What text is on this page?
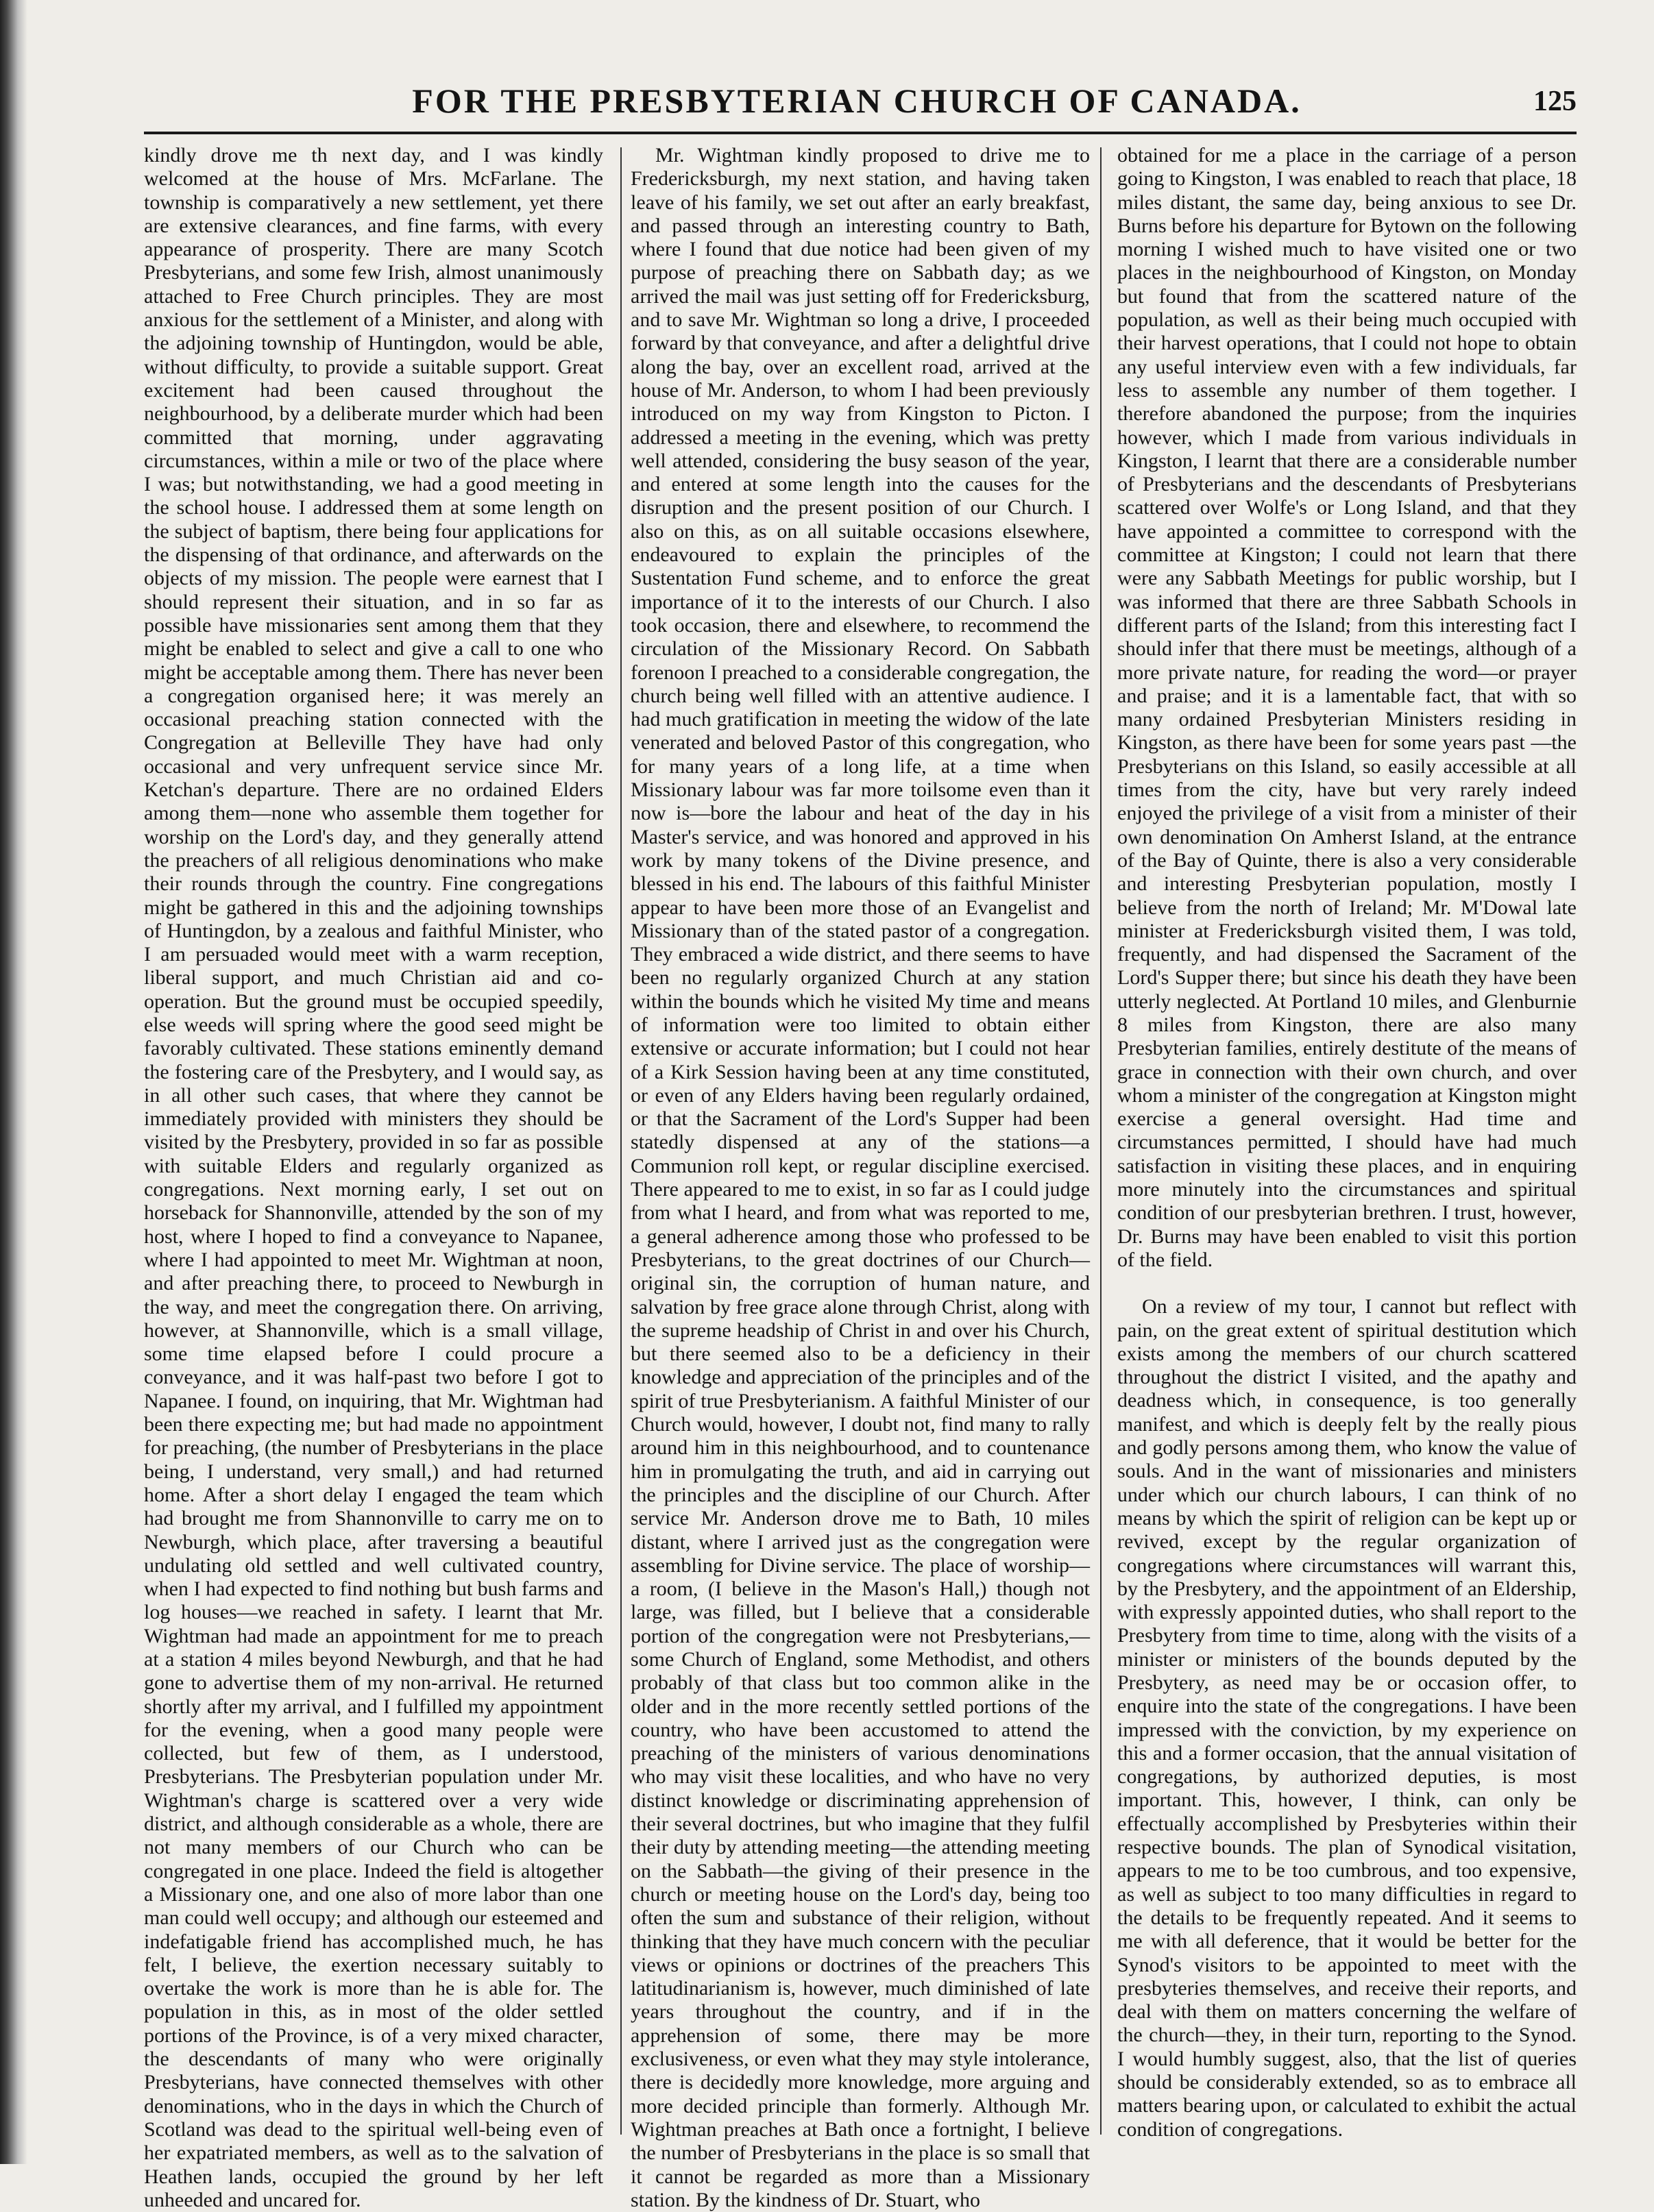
FOR THE PRESBYTERIAN CHURCH OF CANADA.	125

kindly drove me th next day, and I was kindly welcomed at the house of Mrs. McFarlane. The township is comparatively a new settlement, yet there are extensive clearances, and fine farms, with every appearance of prosperity. There are many Scotch Presbyterians, and some few Irish, almost unanimously attached to Free Church principles. They are most anxious for the settlement of a Minister, and along with the adjoining township of Huntingdon, would be able, without difficulty, to provide a suitable support. Great excitement had been caused throughout the neighbourhood, by a deliberate murder which had been committed that morning, under aggravating circumstances, within a mile or two of the place where I was; but notwithstanding, we had a good meeting in the school house. I addressed them at some length on the subject of baptism, there being four applications for the dispensing of that ordinance, and afterwards on the objects of my mission. The people were earnest that I should represent their situation, and in so far as possible have missionaries sent among them that they might be enabled to select and give a call to one who might be acceptable among them. There has never been a congregation organised here; it was merely an occasional preaching station connected with the Congregation at Belleville They have had only occasional and very unfrequent service since Mr. Ketchan's departure. There are no ordained Elders among them—none who assemble them together for worship on the Lord's day, and they generally attend the preachers of all religious denominations who make their rounds through the country. Fine congregations might be gathered in this and the adjoining townships of Huntingdon, by a zealous and faithful Minister, who I am persuaded would meet with a warm reception, liberal support, and much Christian aid and co-operation. But the ground must be occupied speedily, else weeds will spring where the good seed might be favorably cultivated. These stations eminently demand the fostering care of the Presbytery, and I would say, as in all other such cases, that where they cannot be immediately provided with ministers they should be visited by the Presbytery, provided in so far as possible with suitable Elders and regularly organized as congregations. Next morning early, I set out on horseback for Shannonville, attended by the son of my host, where I hoped to find a conveyance to Napanee, where I had appointed to meet Mr. Wightman at noon, and after preaching there, to proceed to Newburgh in the way, and meet the congregation there. On arriving, however, at Shannonville, which is a small village, some time elapsed before I could procure a conveyance, and it was half-past two before I got to Napanee. I found, on inquiring, that Mr. Wightman had been there expecting me; but had made no appointment for preaching, (the number of Presbyterians in the place being, I understand, very small,) and had returned home. After a short delay I engaged the team which had brought me from Shannonville to carry me on to Newburgh, which place, after traversing a beautiful undulating old settled and well cultivated country, when I had expected to find nothing but bush farms and log houses—we reached in safety. I learnt that Mr. Wightman had made an appointment for me to preach at a station 4 miles beyond Newburgh, and that he had gone to advertise them of my non-arrival. He returned shortly after my arrival, and I fulfilled my appointment for the evening, when a good many people were collected, but few of them, as I understood, Presbyterians. The Presbyterian population under Mr. Wightman's charge is scattered over a very wide district, and although considerable as a whole, there are not many members of our Church who can be congregated in one place. Indeed the field is altogether a Missionary one, and one also of more labor than one man could well occupy; and although our esteemed and indefatigable friend has accomplished much, he has felt, I believe, the exertion necessary suitably to overtake the work is more than he is able for. The population in this, as in most of the older settled portions of the Province, is of a very mixed character, the descendants of many who were originally Presbyterians, have connected themselves with other denominations, who in the days in which the Church of Scotland was dead to the spiritual well-being even of her expatriated members, as well as to the salvation of Heathen lands, occupied the ground by her left unheeded and uncared for.

Mr. Wightman kindly proposed to drive me to Fredericksburgh, my next station, and having taken leave of his family, we set out after an early breakfast, and passed through an interesting country to Bath, where I found that due notice had been given of my purpose of preaching there on Sabbath day; as we arrived the mail was just setting off for Fredericksburg, and to save Mr. Wightman so long a drive, I proceeded forward by that conveyance, and after a delightful drive along the bay, over an excellent road, arrived at the house of Mr. Anderson, to whom I had been previously introduced on my way from Kingston to Picton. I addressed a meeting in the evening, which was pretty well attended, considering the busy season of the year, and entered at some length into the causes for the disruption and the present position of our Church. I also on this, as on all suitable occasions elsewhere, endeavoured to explain the principles of the Sustentation Fund scheme, and to enforce the great importance of it to the interests of our Church. I also took occasion, there and elsewhere, to recommend the circulation of the Missionary Record. On Sabbath forenoon I preached to a considerable congregation, the church being well filled with an attentive audience. I had much gratification in meeting the widow of the late venerated and beloved Pastor of this congregation, who for many years of a long life, at a time when Missionary labour was far more toilsome even than it now is—bore the labour and heat of the day in his Master's service, and was honored and approved in his work by many tokens of the Divine presence, and blessed in his end. The labours of this faithful Minister appear to have been more those of an Evangelist and Missionary than of the stated pastor of a congregation. They embraced a wide district, and there seems to have been no regularly organized Church at any station within the bounds which he visited My time and means of information were too limited to obtain either extensive or accurate information; but I could not hear of a Kirk Session having been at any time constituted, or even of any Elders having been regularly ordained, or that the Sacrament of the Lord's Supper had been statedly dispensed at any of the stations—a Communion roll kept, or regular discipline exercised. There appeared to me to exist, in so far as I could judge from what I heard, and from what was reported to me, a general adherence among those who professed to be Presbyterians, to the great doctrines of our Church—original sin, the corruption of human nature, and salvation by free grace alone through Christ, along with the supreme headship of Christ in and over his Church, but there seemed also to be a deficiency in their knowledge and appreciation of the principles and of the spirit of true Presbyterianism. A faithful Minister of our Church would, however, I doubt not, find many to rally around him in this neighbourhood, and to countenance him in promulgating the truth, and aid in carrying out the principles and the discipline of our Church. After service Mr. Anderson drove me to Bath, 10 miles distant, where I arrived just as the congregation were assembling for Divine service. The place of worship—a room, (I believe in the Mason's Hall,) though not large, was filled, but I believe that a considerable portion of the congregation were not Presbyterians,—some Church of England, some Methodist, and others probably of that class but too common alike in the older and in the more recently settled portions of the country, who have been accustomed to attend the preaching of the ministers of various denominations who may visit these localities, and who have no very distinct knowledge or discriminating apprehension of their several doctrines, but who imagine that they fulfil their duty by attending meeting—the attending meeting on the Sabbath—the giving of their presence in the church or meeting house on the Lord's day, being too often the sum and substance of their religion, without thinking that they have much concern with the peculiar views or opinions or doctrines of the preachers This latitudinarianism is, however, much diminished of late years throughout the country, and if in the apprehension of some, there may be more exclusiveness, or even what they may style intolerance, there is decidedly more knowledge, more arguing and more decided principle than formerly. Although Mr. Wightman preaches at Bath once a fortnight, I believe the number of Presbyterians in the place is so small that it cannot be regarded as more than a Missionary station. By the kindness of Dr. Stuart, who

obtained for me a place in the carriage of a person going to Kingston, I was enabled to reach that place, 18 miles distant, the same day, being anxious to see Dr. Burns before his departure for Bytown on the following morning I wished much to have visited one or two places in the neighbourhood of Kingston, on Monday but found that from the scattered nature of the population, as well as their being much occupied with their harvest operations, that I could not hope to obtain any useful interview even with a few individuals, far less to assemble any number of them together. I therefore abandoned the purpose; from the inquiries however, which I made from various individuals in Kingston, I learnt that there are a considerable number of Presbyterians and the descendants of Presbyterians scattered over Wolfe's or Long Island, and that they have appointed a committee to correspond with the committee at Kingston; I could not learn that there were any Sabbath Meetings for public worship, but I was informed that there are three Sabbath Schools in different parts of the Island; from this interesting fact I should infer that there must be meetings, although of a more private nature, for reading the word—or prayer and praise; and it is a lamentable fact, that with so many ordained Presbyterian Ministers residing in Kingston, as there have been for some years past —the Presbyterians on this Island, so easily accessible at all times from the city, have but very rarely indeed enjoyed the privilege of a visit from a minister of their own denomination On Amherst Island, at the entrance of the Bay of Quinte, there is also a very considerable and interesting Presbyterian population, mostly I believe from the north of Ireland; Mr. M'Dowal late minister at Fredericksburgh visited them, I was told, frequently, and had dispensed the Sacrament of the Lord's Supper there; but since his death they have been utterly neglected. At Portland 10 miles, and Glenburnie 8 miles from Kingston, there are also many Presbyterian families, entirely destitute of the means of grace in connection with their own church, and over whom a minister of the congregation at Kingston might exercise a general oversight. Had time and circumstances permitted, I should have had much satisfaction in visiting these places, and in enquiring more minutely into the circumstances and spiritual condition of our presbyterian brethren. I trust, however, Dr. Burns may have been enabled to visit this portion of the field.

On a review of my tour, I cannot but reflect with pain, on the great extent of spiritual destitution which exists among the members of our church scattered throughout the district I visited, and the apathy and deadness which, in consequence, is too generally manifest, and which is deeply felt by the really pious and godly persons among them, who know the value of souls. And in the want of missionaries and ministers under which our church labours, I can think of no means by which the spirit of religion can be kept up or revived, except by the regular organization of congregations where circumstances will warrant this, by the Presbytery, and the appointment of an Eldership, with expressly appointed duties, who shall report to the Presbytery from time to time, along with the visits of a minister or ministers of the bounds deputed by the Presbytery, as need may be or occasion offer, to enquire into the state of the congregations. I have been impressed with the conviction, by my experience on this and a former occasion, that the annual visitation of congregations, by authorized deputies, is most important. This, however, I think, can only be effectually accomplished by Presbyteries within their respective bounds. The plan of Synodical visitation, appears to me to be too cumbrous, and too expensive, as well as subject to too many difficulties in regard to the details to be frequently repeated. And it seems to me with all deference, that it would be better for the Synod's visitors to be appointed to meet with the presbyteries themselves, and receive their reports, and deal with them on matters concerning the welfare of the church—they, in their turn, reporting to the Synod. I would humbly suggest, also, that the list of queries should be considerably extended, so as to embrace all matters bearing upon, or calculated to exhibit the actual condition of congregations.
